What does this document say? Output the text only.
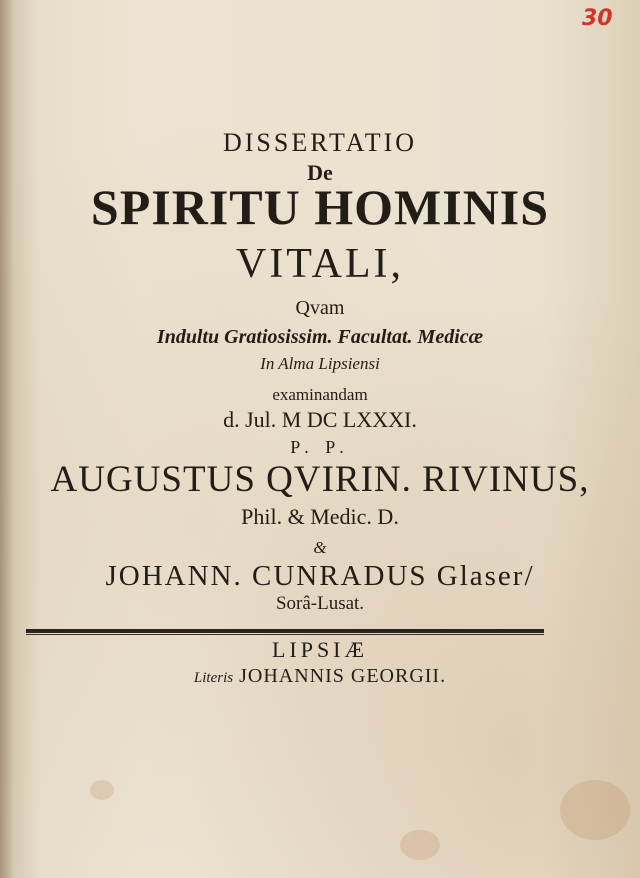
30
DISSERTATIO
De
SPIRITU HOMINIS
VITALI,
Qvam
Indultu Gratiosissim. Facultat. Medicæ
In Alma Lipsiensi
examinandam
d. Jul. M DC LXXXI.
P. P.
AUGUSTUS QVIRIN. RIVINUS,
Phil. & Medic. D.
&
JOHANN. CUNRADUS Glaser/
Sorâ-Lusat.
LIPSIÆ
Literis JOHANNIS GEORGII.
